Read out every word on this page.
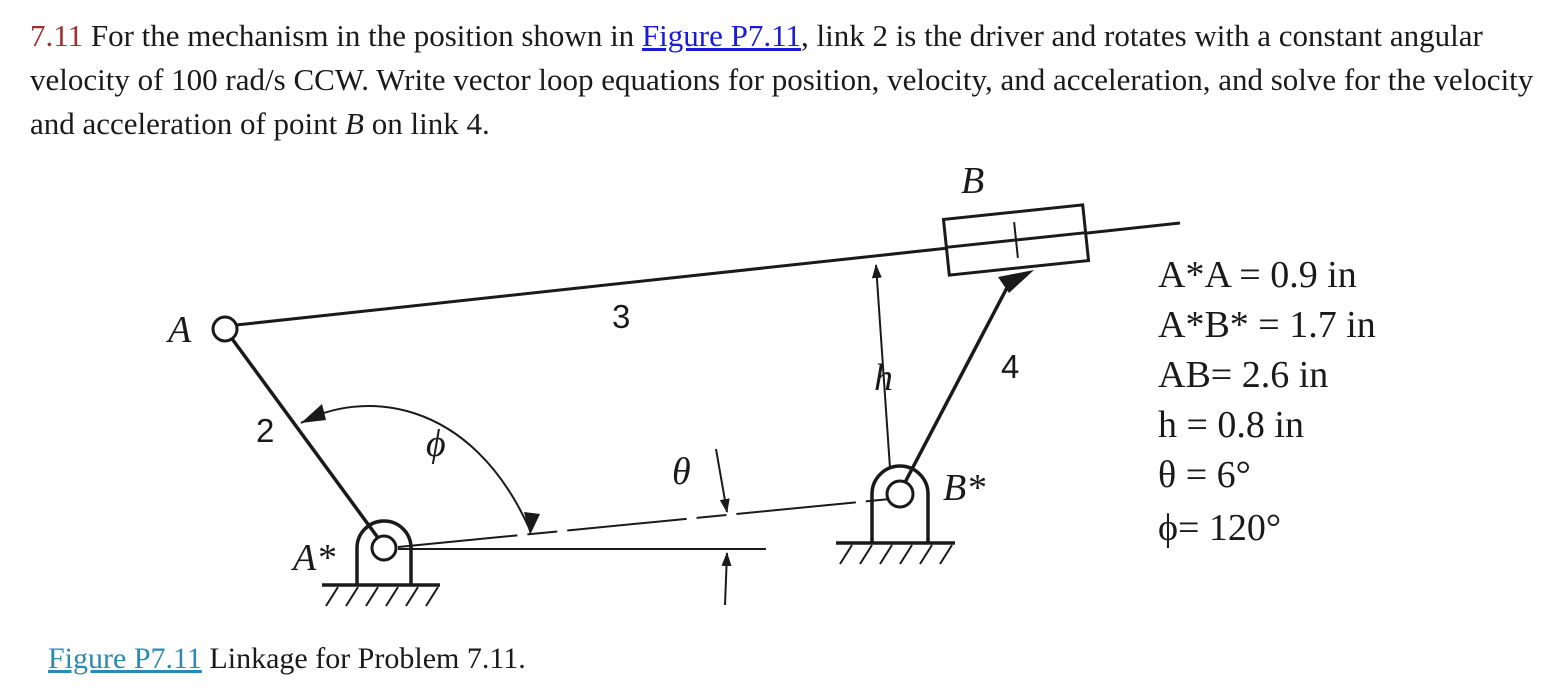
7.11 For the mechanism in the position shown in Figure P7.11, link 2 is the driver and rotates with a constant angular velocity of 100 rad/s CCW. Write vector loop equations for position, velocity, and acceleration, and solve for the velocity and acceleration of point B on link 4.

A
A*
B
B*
2
3
4
h
ϕ
θ
A*A = 0.9 in
A*B* = 1.7 in
AB= 2.6 in
h = 0.8 in
θ = 6°
ϕ= 120°

Figure P7.11 Linkage for Problem 7.11.
